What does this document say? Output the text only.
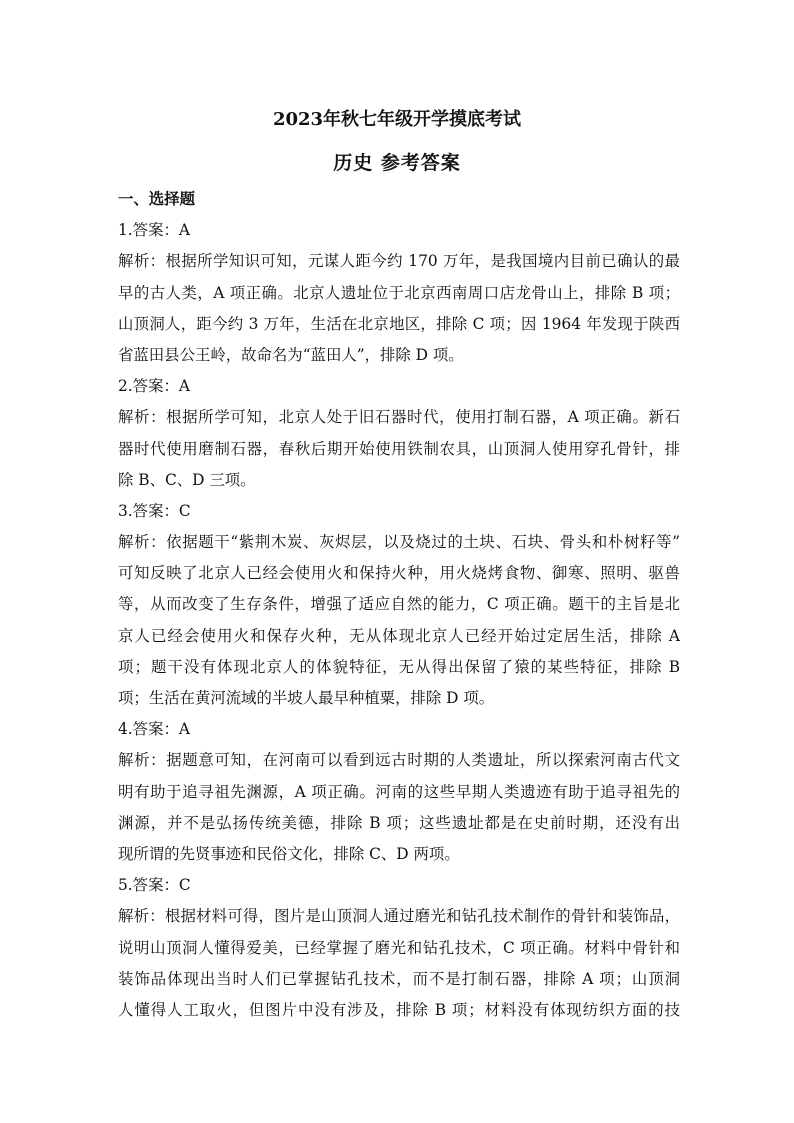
2023年秋七年级开学摸底考试
历史 参考答案
一、选择题
1.答案：A
解析：根据所学知识可知，元谋人距今约 170 万年，是我国境内目前已确认的最
早的古人类，A 项正确。北京人遗址位于北京西南周口店龙骨山上，排除 B 项；
山顶洞人，距今约 3 万年，生活在北京地区，排除 C 项；因 1964 年发现于陕西
省蓝田县公王岭，故命名为“蓝田人”，排除 D 项。
2.答案：A
解析：根据所学可知，北京人处于旧石器时代，使用打制石器，A 项正确。新石
器时代使用磨制石器，春秋后期开始使用铁制农具，山顶洞人使用穿孔骨针，排
除 B、C、D 三项。
3.答案：C
解析：依据题干“紫荆木炭、灰烬层，以及烧过的土块、石块、骨头和朴树籽等”
可知反映了北京人已经会使用火和保持火种，用火烧烤食物、御寒、照明、驱兽
等，从而改变了生存条件，增强了适应自然的能力，C 项正确。题干的主旨是北
京人已经会使用火和保存火种，无从体现北京人已经开始过定居生活，排除 A
项；题干没有体现北京人的体貌特征，无从得出保留了猿的某些特征，排除 B
项；生活在黄河流域的半坡人最早种植粟，排除 D 项。
4.答案：A
解析：据题意可知，在河南可以看到远古时期的人类遗址，所以探索河南古代文
明有助于追寻祖先渊源，A 项正确。河南的这些早期人类遗迹有助于追寻祖先的
渊源，并不是弘扬传统美德，排除 B 项；这些遗址都是在史前时期，还没有出
现所谓的先贤事迹和民俗文化，排除 C、D 两项。
5.答案：C
解析：根据材料可得，图片是山顶洞人通过磨光和钻孔技术制作的骨针和装饰品，
说明山顶洞人懂得爱美，已经掌握了磨光和钻孔技术，C 项正确。材料中骨针和
装饰品体现出当时人们已掌握钻孔技术，而不是打制石器，排除 A 项；山顶洞
人懂得人工取火，但图片中没有涉及，排除 B 项；材料没有体现纺织方面的技
